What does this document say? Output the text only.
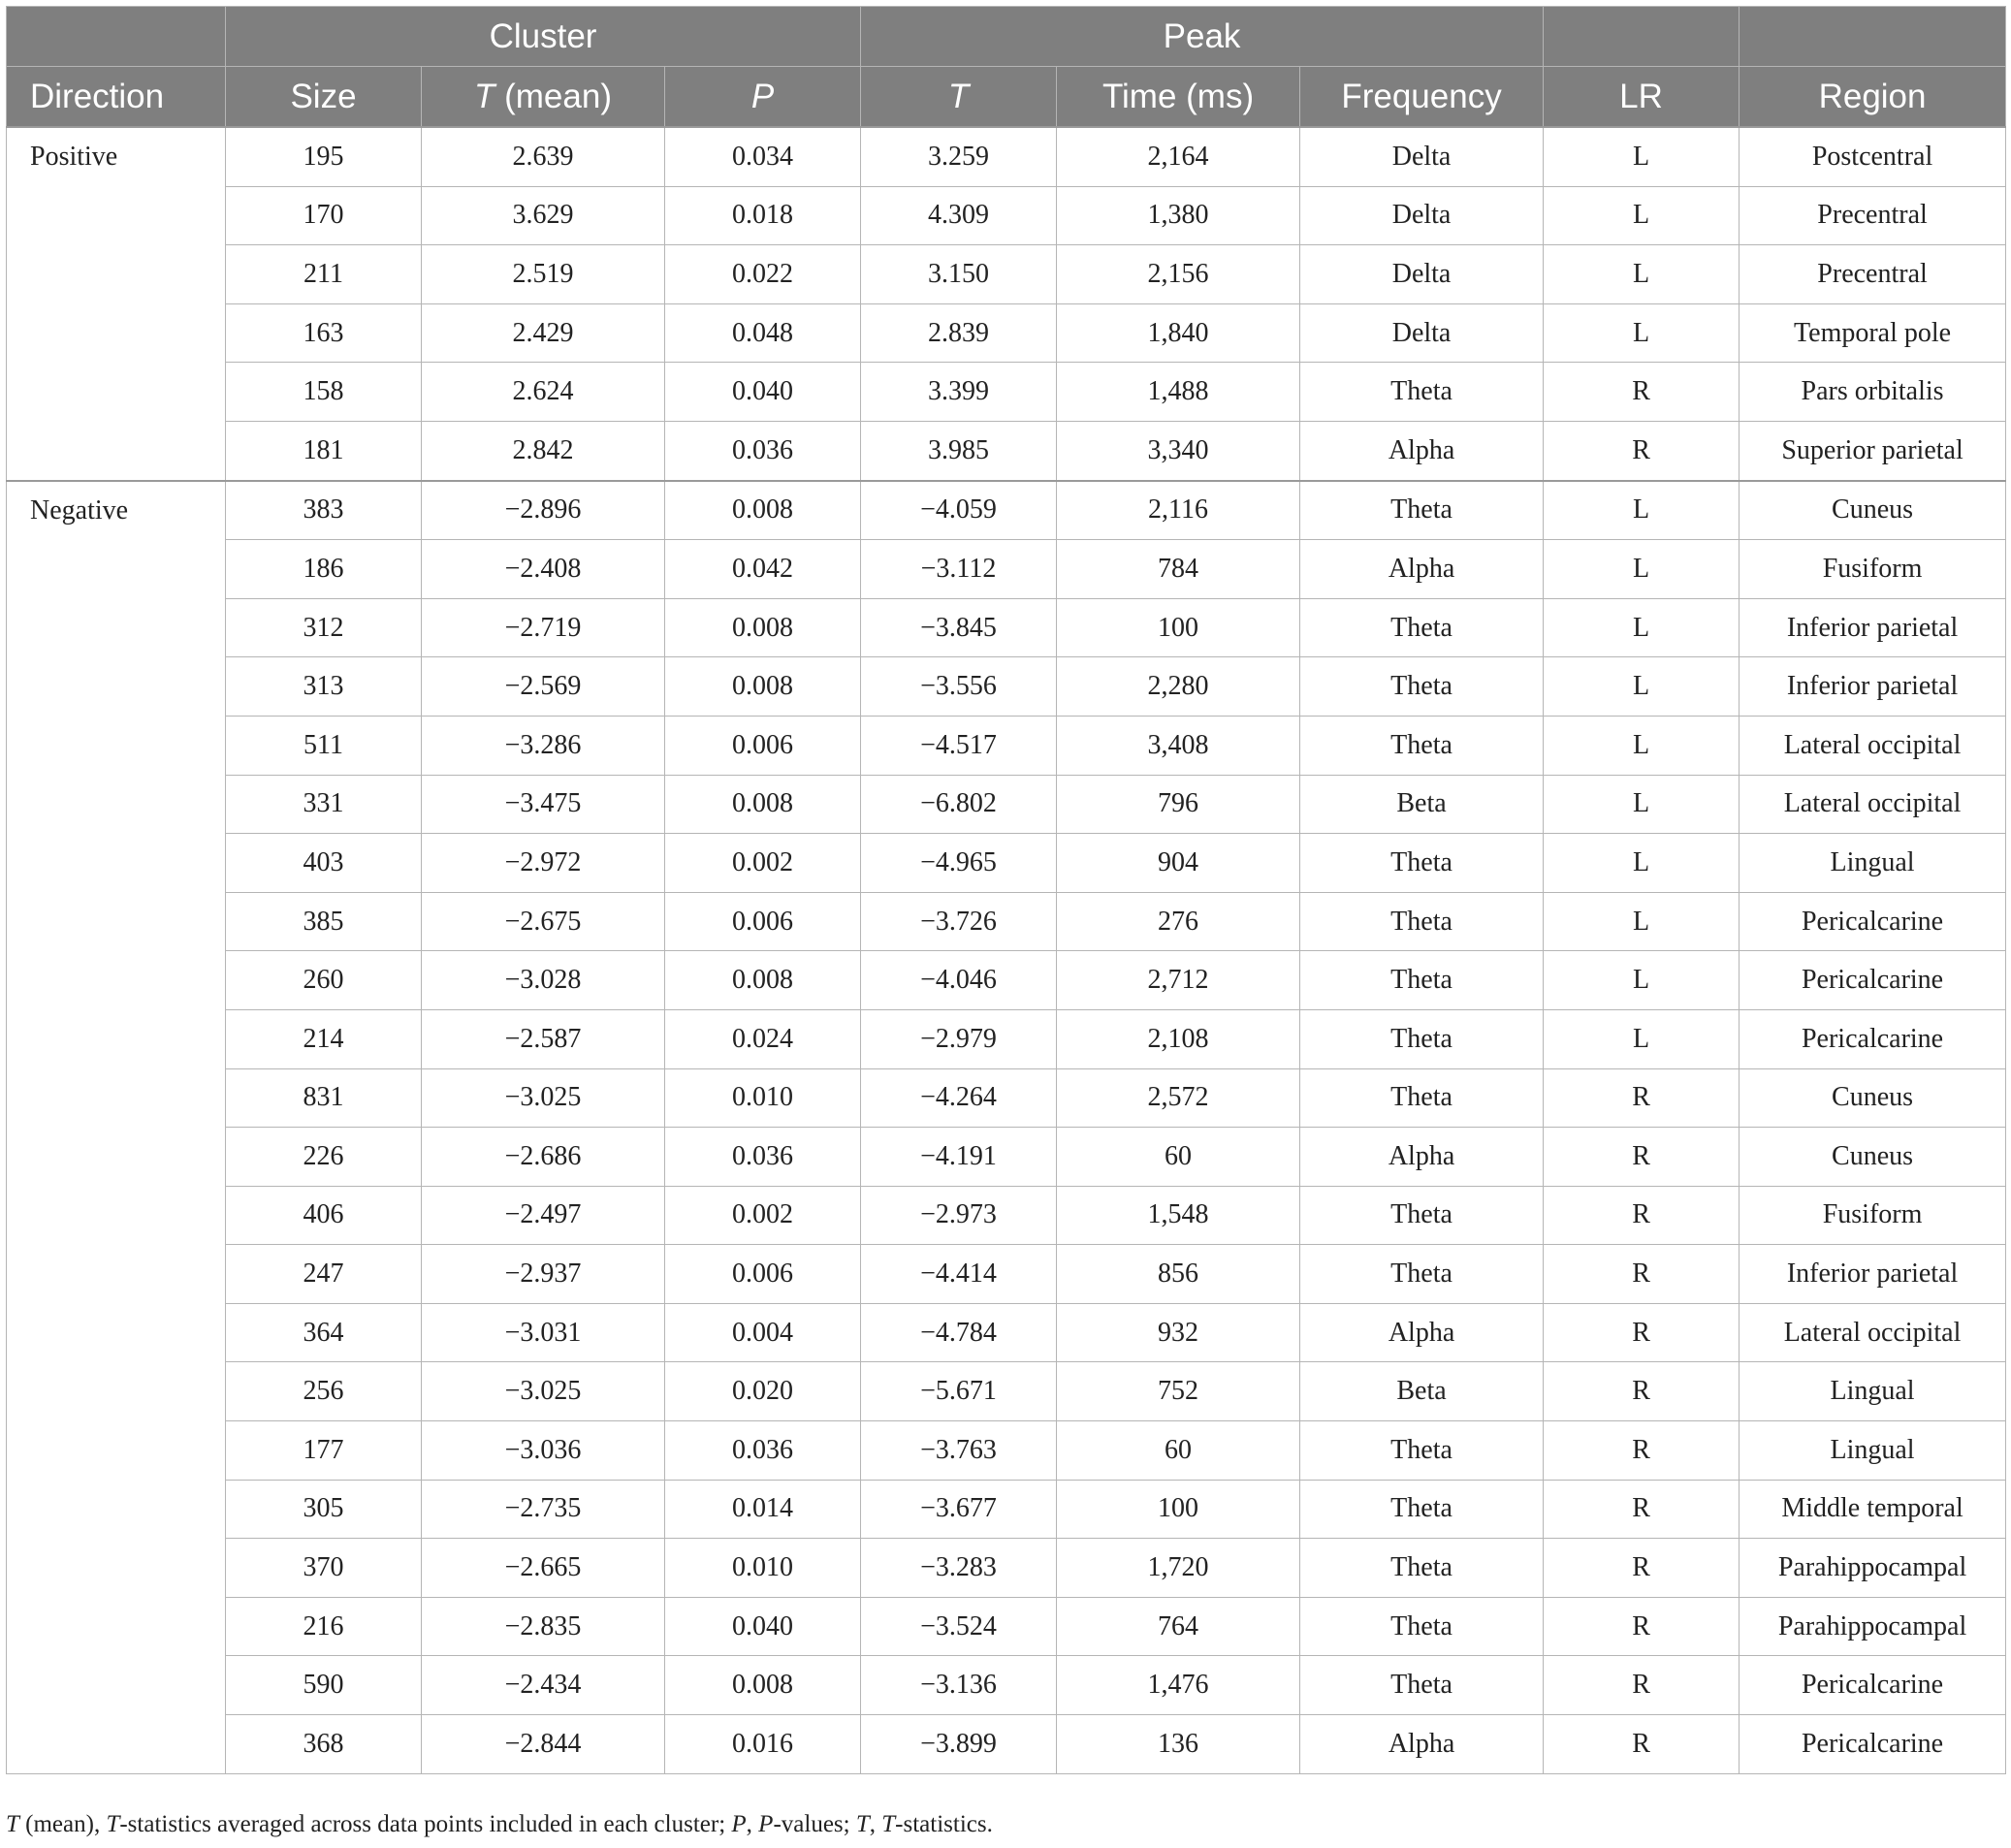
	Cluster			Peak				
Direction	Size	T (mean)	P	T	Time (ms)	Frequency	LR	Region
Positive	195	2.639	0.034	3.259	2,164	Delta	L	Postcentral
	170	3.629	0.018	4.309	1,380	Delta	L	Precentral
	211	2.519	0.022	3.150	2,156	Delta	L	Precentral
	163	2.429	0.048	2.839	1,840	Delta	L	Temporal pole
	158	2.624	0.040	3.399	1,488	Theta	R	Pars orbitalis
	181	2.842	0.036	3.985	3,340	Alpha	R	Superior parietal
Negative	383	−2.896	0.008	−4.059	2,116	Theta	L	Cuneus
	186	−2.408	0.042	−3.112	784	Alpha	L	Fusiform
	312	−2.719	0.008	−3.845	100	Theta	L	Inferior parietal
	313	−2.569	0.008	−3.556	2,280	Theta	L	Inferior parietal
	511	−3.286	0.006	−4.517	3,408	Theta	L	Lateral occipital
	331	−3.475	0.008	−6.802	796	Beta	L	Lateral occipital
	403	−2.972	0.002	−4.965	904	Theta	L	Lingual
	385	−2.675	0.006	−3.726	276	Theta	L	Pericalcarine
	260	−3.028	0.008	−4.046	2,712	Theta	L	Pericalcarine
	214	−2.587	0.024	−2.979	2,108	Theta	L	Pericalcarine
	831	−3.025	0.010	−4.264	2,572	Theta	R	Cuneus
	226	−2.686	0.036	−4.191	60	Alpha	R	Cuneus
	406	−2.497	0.002	−2.973	1,548	Theta	R	Fusiform
	247	−2.937	0.006	−4.414	856	Theta	R	Inferior parietal
	364	−3.031	0.004	−4.784	932	Alpha	R	Lateral occipital
	256	−3.025	0.020	−5.671	752	Beta	R	Lingual
	177	−3.036	0.036	−3.763	60	Theta	R	Lingual
	305	−2.735	0.014	−3.677	100	Theta	R	Middle temporal
	370	−2.665	0.010	−3.283	1,720	Theta	R	Parahippocampal
	216	−2.835	0.040	−3.524	764	Theta	R	Parahippocampal
	590	−2.434	0.008	−3.136	1,476	Theta	R	Pericalcarine
	368	−2.844	0.016	−3.899	136	Alpha	R	Pericalcarine
T (mean), T-statistics averaged across data points included in each cluster; P, P-values; T, T-statistics.
